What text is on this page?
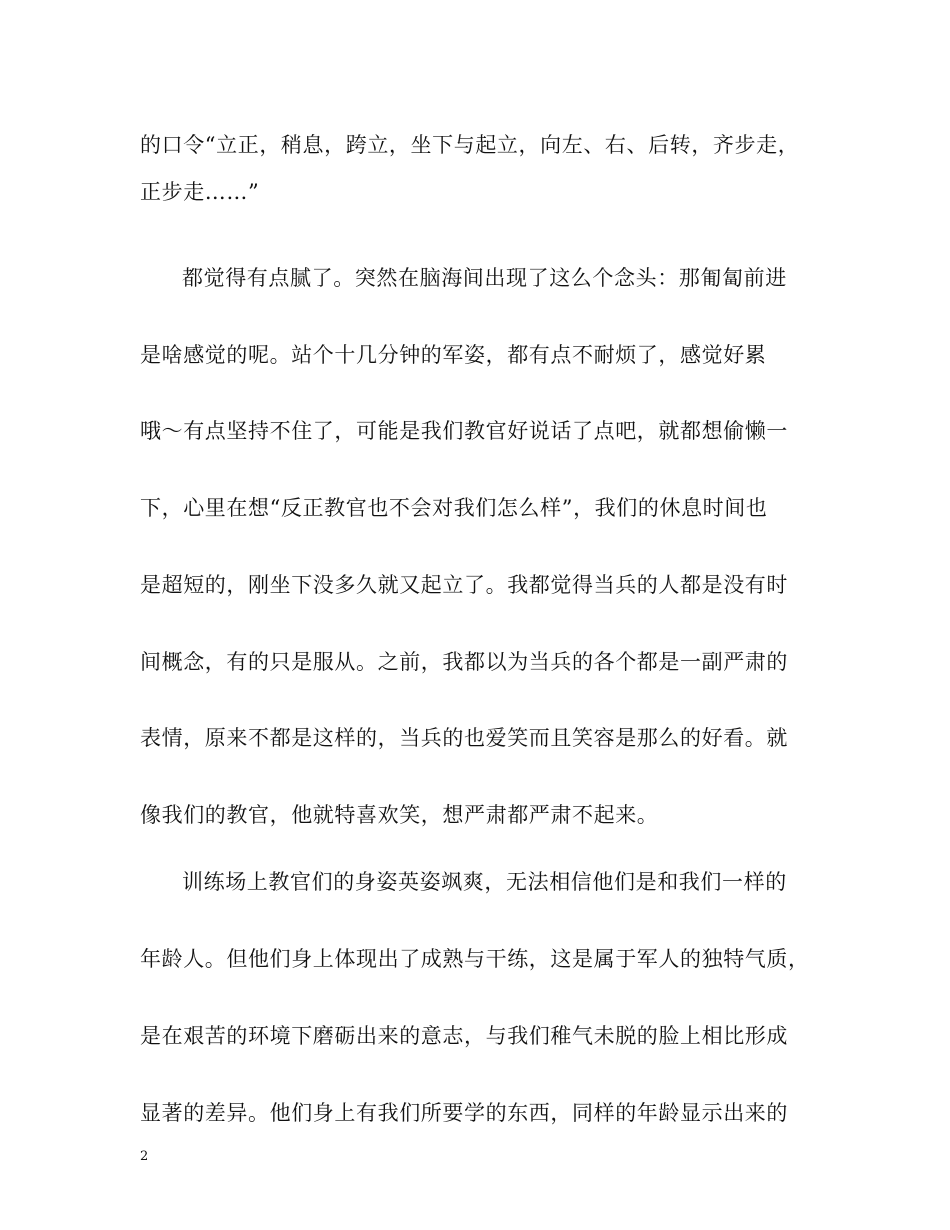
的口令“立正，稍息，跨立，坐下与起立，向左、右、后转，齐步走，
正步走……”
都觉得有点腻了。突然在脑海间出现了这么个念头：那匍匐前进
是啥感觉的呢。站个十几分钟的军姿，都有点不耐烦了，感觉好累
哦～有点坚持不住了，可能是我们教官好说话了点吧，就都想偷懒一
下，心里在想“反正教官也不会对我们怎么样”，我们的休息时间也
是超短的，刚坐下没多久就又起立了。我都觉得当兵的人都是没有时
间概念，有的只是服从。之前，我都以为当兵的各个都是一副严肃的
表情，原来不都是这样的，当兵的也爱笑而且笑容是那么的好看。就
像我们的教官，他就特喜欢笑，想严肃都严肃不起来。
训练场上教官们的身姿英姿飒爽，无法相信他们是和我们一样的
年龄人。但他们身上体现出了成熟与干练，这是属于军人的独特气质，
是在艰苦的环境下磨砺出来的意志，与我们稚气未脱的脸上相比形成
显著的差异。他们身上有我们所要学的东西，同样的年龄显示出来的
2
